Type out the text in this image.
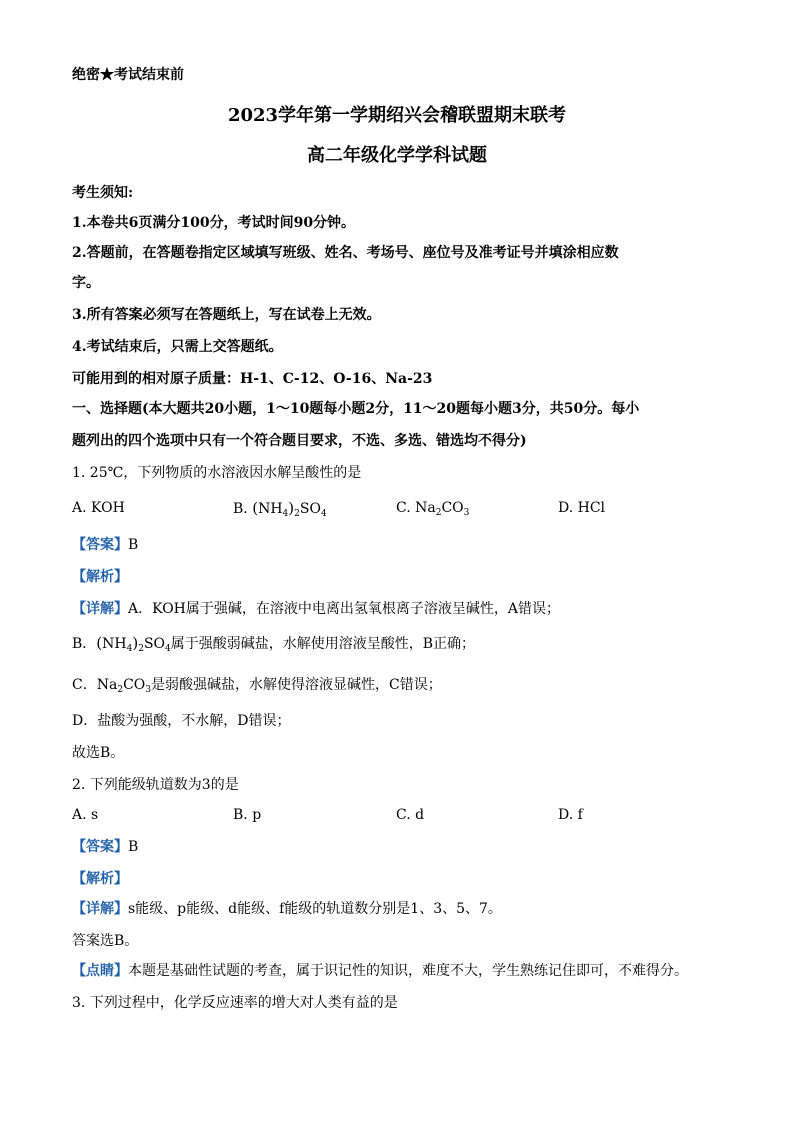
绝密★考试结束前
2023学年第一学期绍兴会稽联盟期末联考
高二年级化学学科试题
考生须知:
1.本卷共6页满分100分，考试时间90分钟。
2.答题前，在答题卷指定区域填写班级、姓名、考场号、座位号及准考证号并填涂相应数
字。
3.所有答案必须写在答题纸上，写在试卷上无效。
4.考试结束后，只需上交答题纸。
可能用到的相对原子质量：H-1、C-12、O-16、Na-23
一、选择题(本大题共20小题，1～10题每小题2分，11～20题每小题3分，共50分。每小
题列出的四个选项中只有一个符合题目要求，不选、多选、错选均不得分)
1. 25℃，下列物质的水溶液因水解呈酸性的是
A. KOH	B. $(NH_4)_2SO_4$	C. $Na_2CO_3$	D. HCl
【答案】B
【解析】
【详解】A．KOH属于强碱，在溶液中电离出氢氧根离子溶液呈碱性，A错误；
B．$(NH_4)_2SO_4$属于强酸弱碱盐，水解使用溶液呈酸性，B正确；
C．$Na_2CO_3$是弱酸强碱盐，水解使得溶液显碱性，C错误；
D．盐酸为强酸，不水解，D错误；
故选B。
2. 下列能级轨道数为3的是
A. s	B. p	C. d	D. f
【答案】B
【解析】
【详解】s能级、p能级、d能级、f能级的轨道数分别是1、3、5、7。
答案选B。
【点睛】本题是基础性试题的考查，属于识记性的知识，难度不大，学生熟练记住即可，不难得分。
3. 下列过程中，化学反应速率的增大对人类有益的是
